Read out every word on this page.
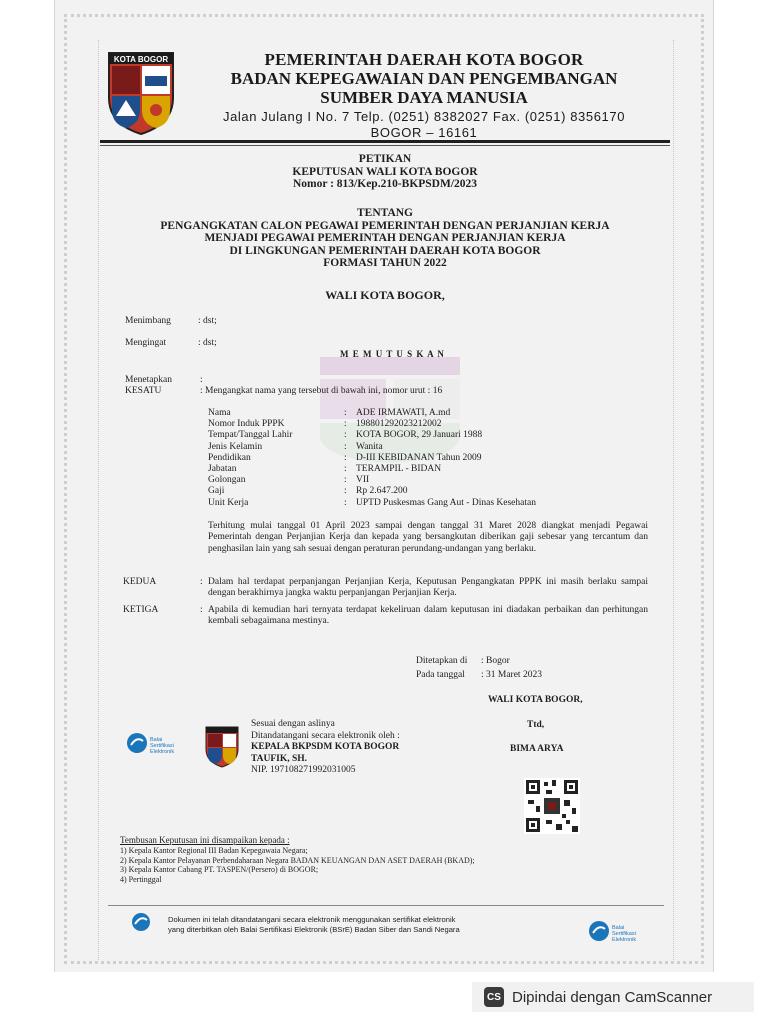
KOTA BOGOR	PEMERINTAH DAERAH KOTA BOGOR
BADAN KEPEGAWAIAN DAN PENGEMBANGAN
SUMBER DAYA MANUSIA
Jalan Julang I No. 7 Telp. (0251) 8382027 Fax. (0251) 8356170
BOGOR – 16161
PETIKAN
KEPUTUSAN WALI KOTA BOGOR
Nomor : 813/Kep.210-BKPSDM/2023
TENTANG
PENGANGKATAN CALON PEGAWAI PEMERINTAH DENGAN PERJANJIAN KERJA
MENJADI PEGAWAI PEMERINTAH DENGAN PERJANJIAN KERJA
DI LINGKUNGAN PEMERINTAH DAERAH KOTA BOGOR
FORMASI TAHUN 2022
WALI KOTA BOGOR,
Menimbang	: dst;
Mengingat	: dst;
M E M U T U S K A N
Menetapkan	:
KESATU	: Mengangkat nama yang tersebut di bawah ini, nomor urut : 16
Nama	: ADE IRMAWATI, A.md
Nomor Induk PPPK	: 198801292023212002
Tempat/Tanggal Lahir	: KOTA BOGOR, 29 Januari 1988
Jenis Kelamin	: Wanita
Pendidikan	: D-III KEBIDANAN Tahun 2009
Jabatan	: TERAMPIL - BIDAN
Golongan	: VII
Gaji	: Rp 2.647.200
Unit Kerja	: UPTD Puskesmas Gang Aut - Dinas Kesehatan
Terhitung mulai tanggal 01 April 2023 sampai dengan tanggal 31 Maret 2028 diangkat menjadi Pegawai Pemerintah dengan Perjanjian Kerja dan kepada yang bersangkutan diberikan gaji sebesar yang tercantum dan penghasilan lain yang sah sesuai dengan peraturan perundang-undangan yang berlaku.
KEDUA	: Dalam hal terdapat perpanjangan Perjanjian Kerja, Keputusan Pengangkatan PPPK ini masih berlaku sampai dengan berakhirnya jangka waktu perpanjangan Perjanjian Kerja.
KETIGA	: Apabila di kemudian hari ternyata terdapat kekeliruan dalam keputusan ini diadakan perbaikan dan perhitungan kembali sebagaimana mestinya.
Ditetapkan di : Bogor
Pada tanggal : 31 Maret 2023
WALI KOTA BOGOR,
Ttd,
BIMA ARYA
Balai
Sertifikasi
Elektronik
Sesuai dengan aslinya
Ditandatangani secara elektronik oleh :
KEPALA BKPSDM KOTA BOGOR
TAUFIK, SH.
NIP. 197108271992031005
Tembusan Keputusan ini disampaikan kepada :
1) Kepala Kantor Regional III Badan Kepegawaia Negara;
2) Kepala Kantor Pelayanan Perbendaharaan Negara BADAN KEUANGAN DAN ASET DAERAH (BKAD);
3) Kepala Kantor Cabang PT. TASPEN/(Persero) di BOGOR;
4) Pertinggal
Dokumen ini telah ditandatangani secara elektronik menggunakan sertifikat elektronik
yang diterbitkan oleh Balai Sertifikasi Elektronik (BSrE) Badan Siber dan Sandi Negara	Balai
Sertifikasi
Elektronik
CS Dipindai dengan CamScanner
